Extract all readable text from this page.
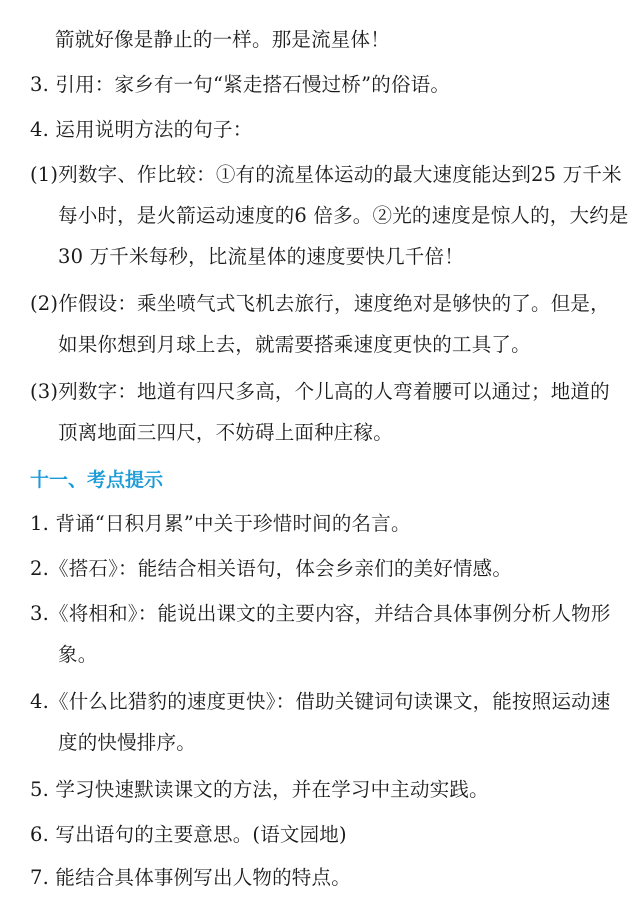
箭就好像是静止的一样。那是流星体！
3. 引用：家乡有一句“紧走搭石慢过桥”的俗语。
4. 运用说明方法的句子：
(1)列数字、作比较：①有的流星体运动的最大速度能达到25 万千米
每小时，是火箭运动速度的6 倍多。②光的速度是惊人的，大约是
30 万千米每秒，比流星体的速度要快几千倍！
(2)作假设：乘坐喷气式飞机去旅行，速度绝对是够快的了。但是，
如果你想到月球上去，就需要搭乘速度更快的工具了。
(3)列数字：地道有四尺多高，个儿高的人弯着腰可以通过；地道的
顶离地面三四尺，不妨碍上面种庄稼。
十一、考点提示
1. 背诵“日积月累”中关于珍惜时间的名言。
2.《搭石》：能结合相关语句，体会乡亲们的美好情感。
3.《将相和》：能说出课文的主要内容，并结合具体事例分析人物形
象。
4.《什么比猎豹的速度更快》：借助关键词句读课文，能按照运动速
度的快慢排序。
5. 学习快速默读课文的方法，并在学习中主动实践。
6. 写出语句的主要意思。(语文园地)
7. 能结合具体事例写出人物的特点。
